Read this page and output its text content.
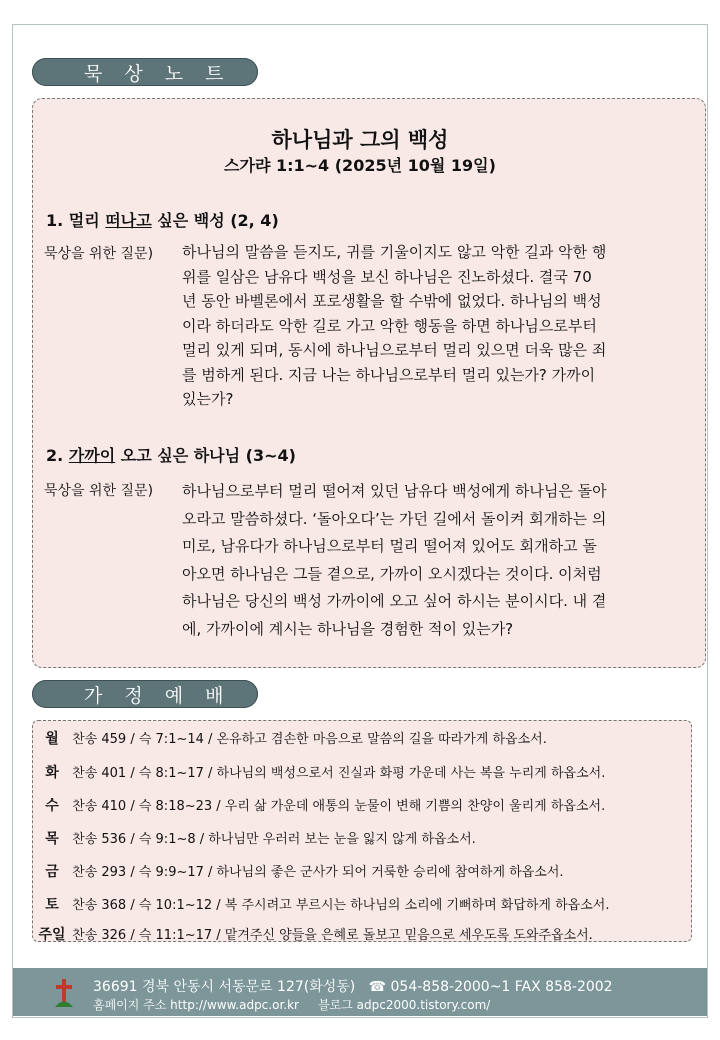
묵 상 노 트
하나님과 그의 백성
스가랴 1:1~4 (2025년 10월 19일)
1. 멀리 떠나고 싶은 백성 (2, 4)
묵상을 위한 질문) 하나님의 말씀을 듣지도, 귀를 기울이지도 않고 악한 길과 악한 행
위를 일삼은 남유다 백성을 보신 하나님은 진노하셨다. 결국 70
년 동안 바벨론에서 포로생활을 할 수밖에 없었다. 하나님의 백성
이라 하더라도 악한 길로 가고 악한 행동을 하면 하나님으로부터
멀리 있게 되며, 동시에 하나님으로부터 멀리 있으면 더욱 많은 죄
를 범하게 된다. 지금 나는 하나님으로부터 멀리 있는가? 가까이
있는가?
2. 가까이 오고 싶은 하나님 (3~4)
묵상을 위한 질문) 하나님으로부터 멀리 떨어져 있던 남유다 백성에게 하나님은 돌아
오라고 말씀하셨다. ‘돌아오다’는 가던 길에서 돌이켜 회개하는 의
미로, 남유다가 하나님으로부터 멀리 떨어져 있어도 회개하고 돌
아오면 하나님은 그들 곁으로, 가까이 오시겠다는 것이다. 이처럼
하나님은 당신의 백성 가까이에 오고 싶어 하시는 분이시다. 내 곁
에, 가까이에 계시는 하나님을 경험한 적이 있는가?
가 정 예 배
월 찬송 459 / 슥 7:1~14 / 온유하고 겸손한 마음으로 말씀의 길을 따라가게 하옵소서.
화 찬송 401 / 슥 8:1~17 / 하나님의 백성으로서 진실과 화평 가운데 사는 복을 누리게 하옵소서.
수 찬송 410 / 슥 8:18~23 / 우리 삶 가운데 애통의 눈물이 변해 기쁨의 찬양이 울리게 하옵소서.
목 찬송 536 / 슥 9:1~8 / 하나님만 우러러 보는 눈을 잃지 않게 하옵소서.
금 찬송 293 / 슥 9:9~17 / 하나님의 좋은 군사가 되어 거룩한 승리에 참여하게 하옵소서.
토 찬송 368 / 슥 10:1~12 / 복 주시려고 부르시는 하나님의 소리에 기뻐하며 화답하게 하옵소서.
주일 찬송 326 / 슥 11:1~17 / 맡겨주신 양들을 은혜로 돌보고 믿음으로 세우도록 도와주옵소서.
36691 경북 안동시 서동문로 127(화성동) ☎ 054-858-2000~1 FAX 858-2002
홈페이지 주소 http://www.adpc.or.kr 블로그 adpc2000.tistory.com/
